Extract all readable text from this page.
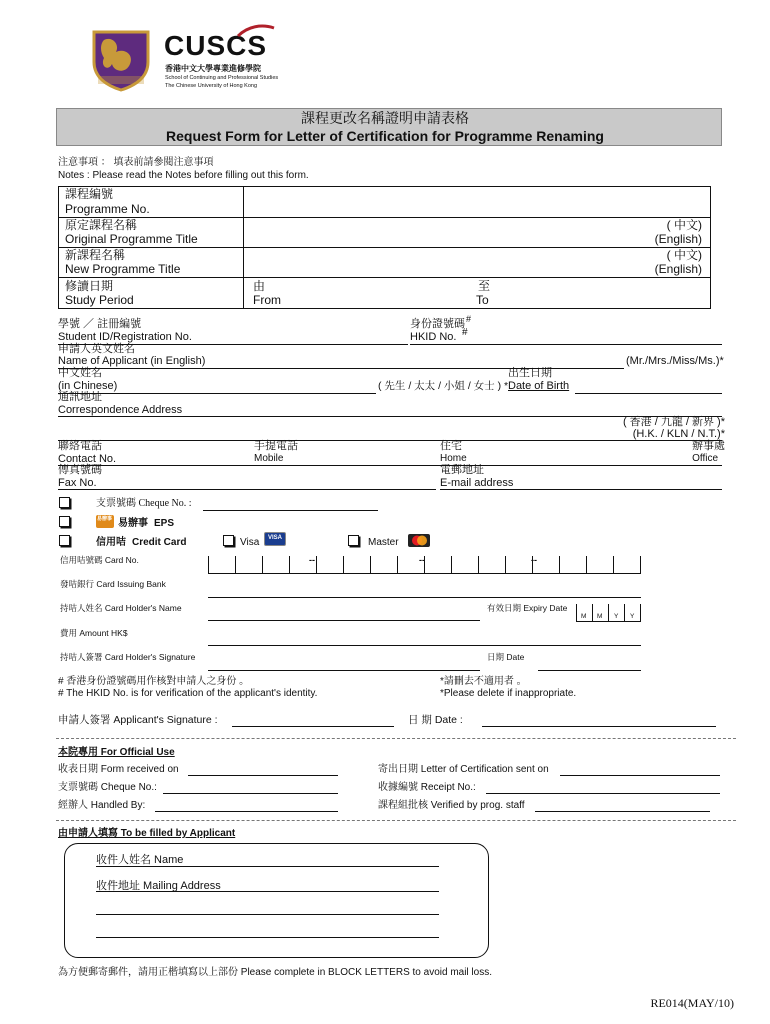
CUSCS
香港中文大學專業進修學院
School of Continuing and Professional Studies
The Chinese University of Hong Kong
課程更改名稱證明申請表格
Request Form for Letter of Certification for Programme Renaming
注意事項 ： 填表前請參閱注意事項
Notes : Please read the Notes before filling out this form.
課程編號
Programme No.
原定課程名稱
Original Programme Title
( 中文)
(English)
新課程名稱
New Programme Title
( 中文)
(English)
修讀日期
Study Period
由
From
至
To
學號 ／ 註冊編號
Student ID/Registration No.
身份證號碼 #
HKID No. #
申請人英文姓名
Name of Applicant (in English)	(Mr./Mrs./Miss/Ms.)*
中文姓名
(in Chinese)	( 先生 / 太太 / 小姐 / 女士 ) *
出生日期
Date of Birth
通訊地址
Correspondence Address
( 香港 / 九龍 / 新界 )*
(H.K. / KLN / N.T.)*
聯絡電話
Contact No.
手提電話
Mobile
住宅
Home
辦事處
Office
傳真號碼
Fax No.
電郵地址
E-mail address
支票號碼 Cheque No. :
易辦事 易辦事 EPS
信用咭 Credit Card	Visa VISA	Master
信用咭號碼 Card No.	--	--	--
發咭銀行 Card Issuing Bank
持咭人姓名 Card Holder's Name	有效日期 Expiry Date
M M Y Y
費用 Amount HK$
持咭人簽署 Card Holder's Signature	日期 Date
# 香港身份證號碼用作核對申請人之身份 。
# The HKID No. is for verification of the applicant's identity.
*請刪去不適用者 。
*Please delete if inappropriate.
申請人簽署 Applicant's Signature :	日 期 Date :
本院專用 For Official Use
收表日期 Form received on	寄出日期 Letter of Certification sent on
支票號碼 Cheque No.:	收據編號 Receipt No.:
經辦人 Handled By:	課程組批核 Verified by prog. staff
由申請人填寫 To be filled by Applicant
收件人姓名 Name
收件地址 Mailing Address
為方便郵寄郵件，請用正楷填寫以上部份 Please complete in BLOCK LETTERS to avoid mail loss.
RE014(MAY/10)
